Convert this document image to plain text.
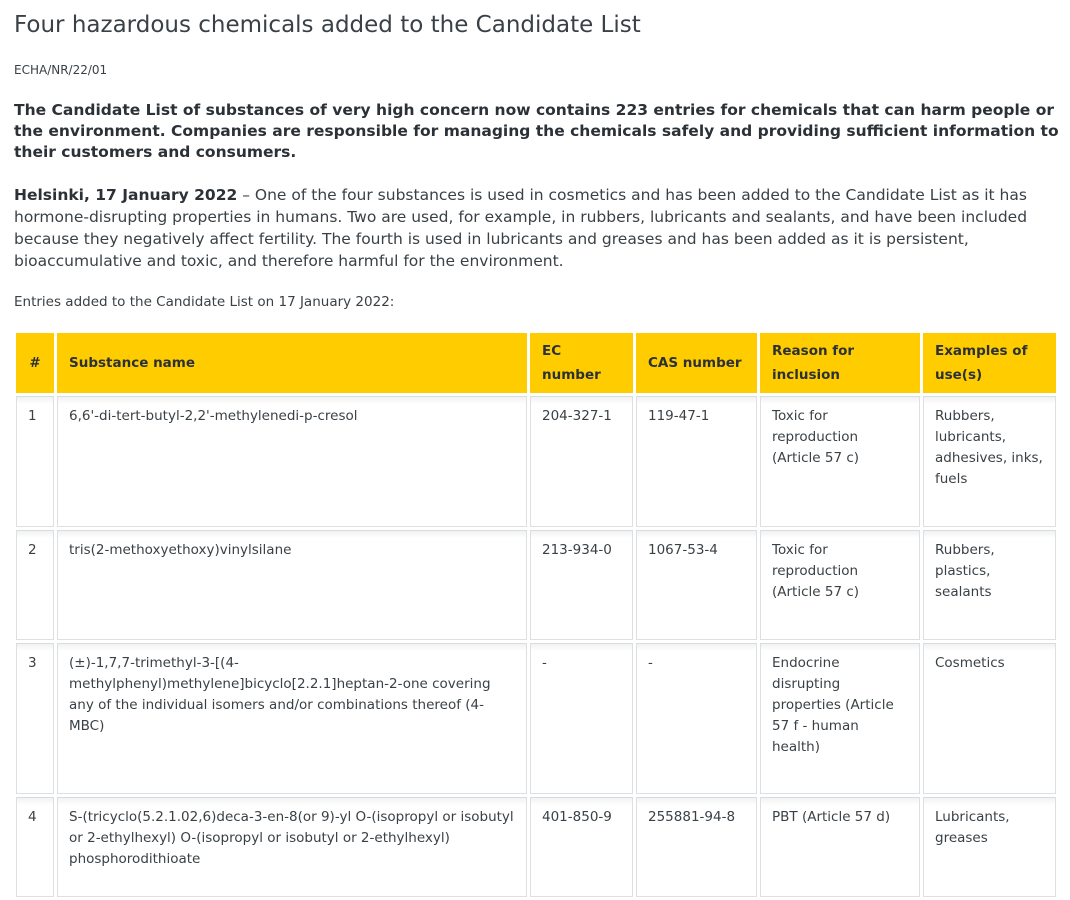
Four hazardous chemicals added to the Candidate List
ECHA/NR/22/01

The Candidate List of substances of very high concern now contains 223 entries for chemicals that can harm people or the environment. Companies are responsible for managing the chemicals safely and providing sufficient information to their customers and consumers.

Helsinki, 17 January 2022 – One of the four substances is used in cosmetics and has been added to the Candidate List as it has hormone-disrupting properties in humans. Two are used, for example, in rubbers, lubricants and sealants, and have been included because they negatively affect fertility. The fourth is used in lubricants and greases and has been added as it is persistent, bioaccumulative and toxic, and therefore harmful for the environment.

Entries added to the Candidate List on 17 January 2022:
#	Substance name	EC number	CAS number	Reason for inclusion	Examples of use(s)
1	6,6'-di-tert-butyl-2,2'-methylenedi-p-cresol	204-327-1	119-47-1	Toxic for reproduction (Article 57 c)	Rubbers, lubricants, adhesives, inks, fuels
2	tris(2-methoxyethoxy)vinylsilane	213-934-0	1067-53-4	Toxic for reproduction (Article 57 c)	Rubbers, plastics, sealants
3	(±)-1,7,7-trimethyl-3-[(4-methylphenyl)methylene]bicyclo[2.2.1]heptan-2-one covering any of the individual isomers and/or combinations thereof (4-MBC)	-	-	Endocrine disrupting properties (Article 57 f - human health)	Cosmetics
4	S-(tricyclo(5.2.1.02,6)deca-3-en-8(or 9)-yl O-(isopropyl or isobutyl or 2-ethylhexyl) O-(isopropyl or isobutyl or 2-ethylhexyl) phosphorodithioate	401-850-9	255881-94-8	PBT (Article 57 d)	Lubricants, greases
